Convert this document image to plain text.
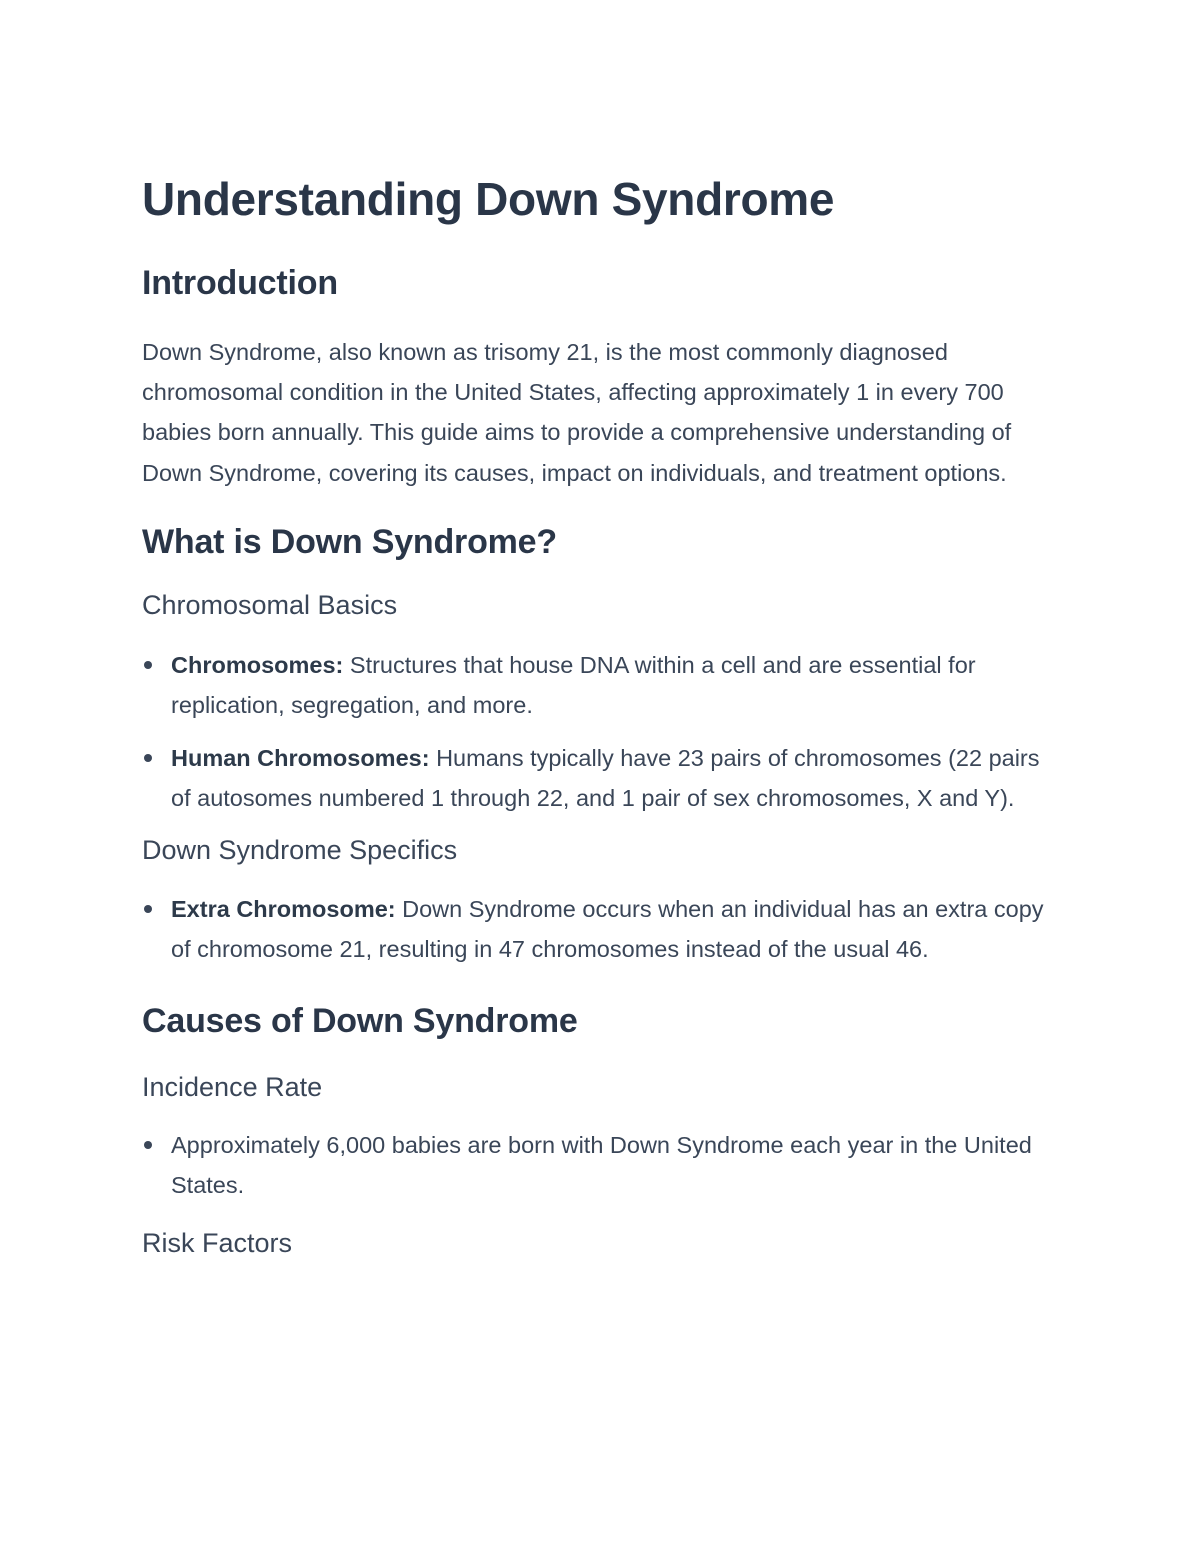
Understanding Down Syndrome
Introduction

Down Syndrome, also known as trisomy 21, is the most commonly diagnosed chromosomal condition in the United States, affecting approximately 1 in every 700 babies born annually. This guide aims to provide a comprehensive understanding of Down Syndrome, covering its causes, impact on individuals, and treatment options.

What is Down Syndrome?
Chromosomal Basics
Chromosomes: Structures that house DNA within a cell and are essential for replication, segregation, and more.
Human Chromosomes: Humans typically have 23 pairs of chromosomes (22 pairs of autosomes numbered 1 through 22, and 1 pair of sex chromosomes, X and Y).
Down Syndrome Specifics
Extra Chromosome: Down Syndrome occurs when an individual has an extra copy of chromosome 21, resulting in 47 chromosomes instead of the usual 46.
Causes of Down Syndrome
Incidence Rate
Approximately 6,000 babies are born with Down Syndrome each year in the United States.
Risk Factors
